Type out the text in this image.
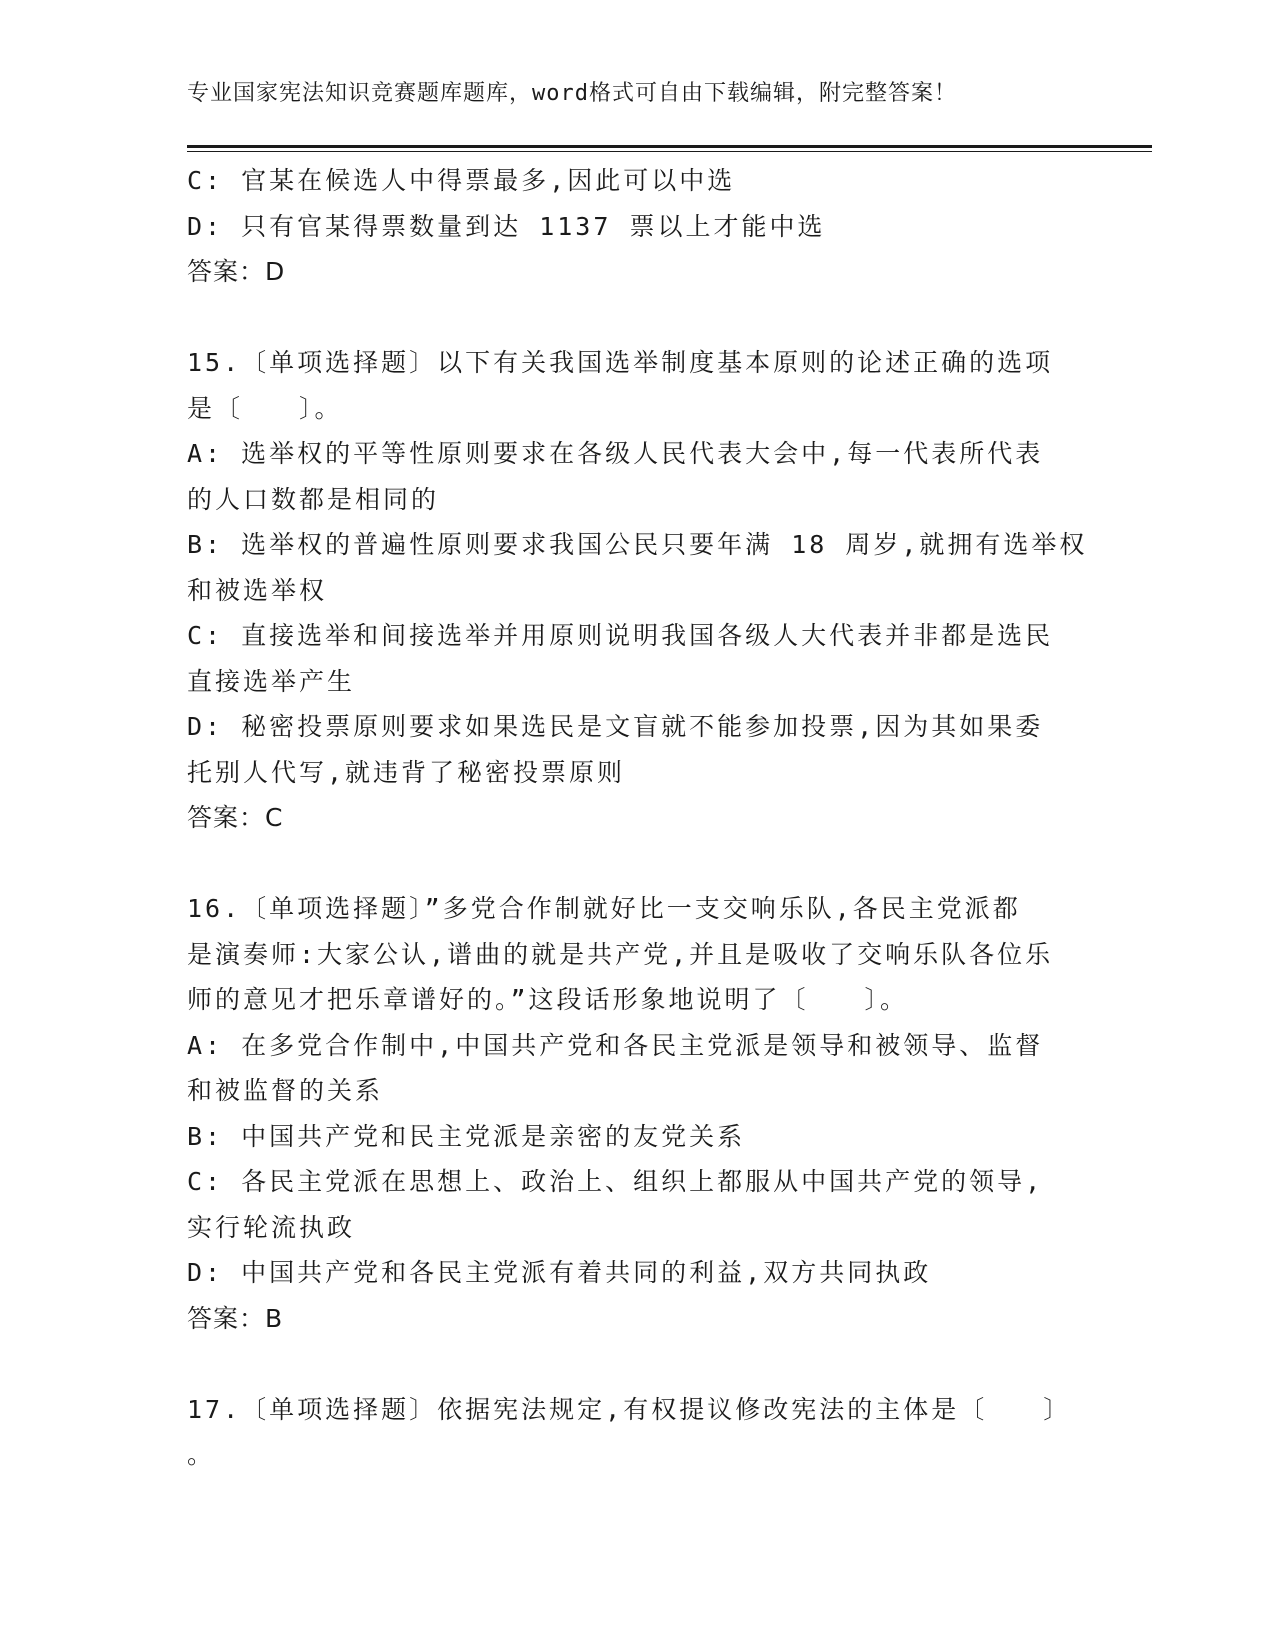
专业国家宪法知识竞赛题库题库，word格式可自由下载编辑，附完整答案！
C: 官某在候选人中得票最多,因此可以中选
D: 只有官某得票数量到达 1137 票以上才能中选
答案：D
15.〔单项选择题〕以下有关我国选举制度基本原则的论述正确的选项
是〔　　〕。
A: 选举权的平等性原则要求在各级人民代表大会中,每一代表所代表
的人口数都是相同的
B: 选举权的普遍性原则要求我国公民只要年满 18 周岁,就拥有选举权
和被选举权
C: 直接选举和间接选举并用原则说明我国各级人大代表并非都是选民
直接选举产生
D: 秘密投票原则要求如果选民是文盲就不能参加投票,因为其如果委
托别人代写,就违背了秘密投票原则
答案：C
16.〔单项选择题〕”多党合作制就好比一支交响乐队,各民主党派都
是演奏师:大家公认,谱曲的就是共产党,并且是吸收了交响乐队各位乐
师的意见才把乐章谱好的。”这段话形象地说明了〔　　〕。
A: 在多党合作制中,中国共产党和各民主党派是领导和被领导、监督
和被监督的关系
B: 中国共产党和民主党派是亲密的友党关系
C: 各民主党派在思想上、政治上、组织上都服从中国共产党的领导,
实行轮流执政
D: 中国共产党和各民主党派有着共同的利益,双方共同执政
答案：B
17.〔单项选择题〕依据宪法规定,有权提议修改宪法的主体是〔　　〕
。
